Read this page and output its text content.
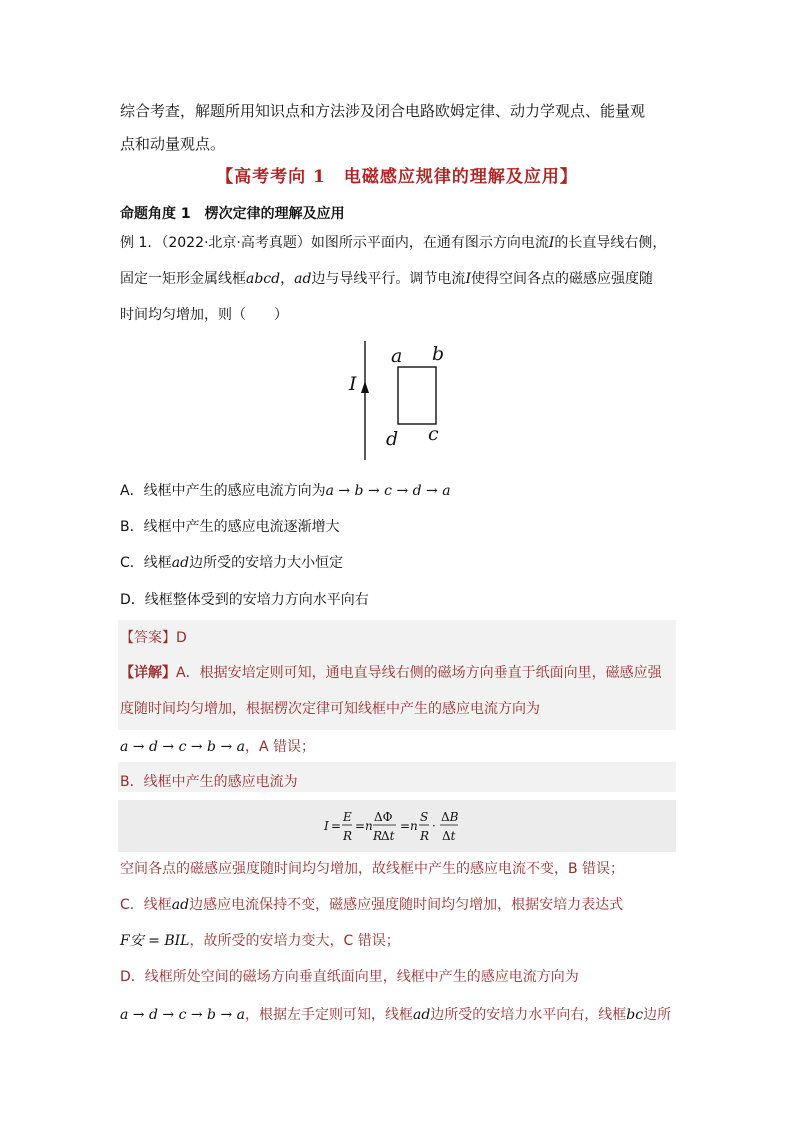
综合考查，解题所用知识点和方法涉及闭合电路欧姆定律、动力学观点、能量观
点和动量观点。
【高考考向 1　电磁感应规律的理解及应用】
命题角度 1　楞次定律的理解及应用
例 1．（2022·北京·高考真题）如图所示平面内，在通有图示方向电流I的长直导线右侧，
固定一矩形金属线框abcd，ad边与导线平行。调节电流I使得空间各点的磁感应强度随
时间均匀增加，则（　　）
I
a b
c
d
A．线框中产生的感应电流方向为a → b → c → d → a
B．线框中产生的感应电流逐渐增大
C．线框ad边所受的安培力大小恒定
D．线框整体受到的安培力方向水平向右
【答案】D
【详解】A．根据安培定则可知，通电直导线右侧的磁场方向垂直于纸面向里，磁感应强
度随时间均匀增加，根据楞次定律可知线框中产生的感应电流方向为
a → d → c → b → a，A 错误；
B．线框中产生的感应电流为
I =
E
R
= n
ΔΦ
R
Δt
= n
S
R
·
ΔB
Δt
空间各点的磁感应强度随时间均匀增加，故线框中产生的感应电流不变，B 错误；
C．线框ad边感应电流保持不变，磁感应强度随时间均匀增加，根据安培力表达式
F安 = BIL，故所受的安培力变大，C 错误；
D．线框所处空间的磁场方向垂直纸面向里，线框中产生的感应电流方向为
a → d → c → b → a，根据左手定则可知，线框ad边所受的安培力水平向右，线框bc边所
